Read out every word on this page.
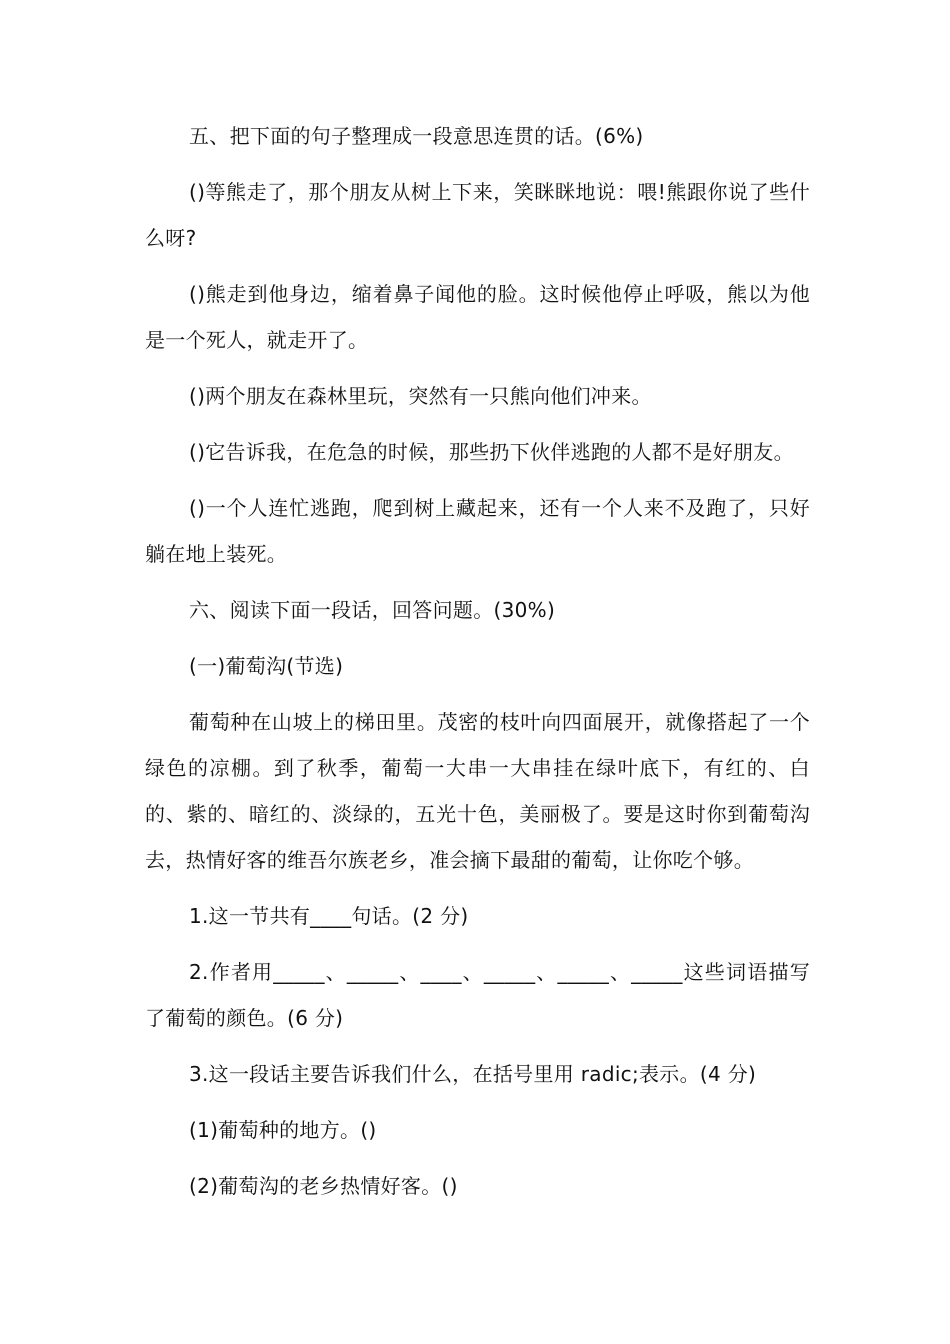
五、把下面的句子整理成一段意思连贯的话。(6%)

()等熊走了，那个朋友从树上下来，笑眯眯地说：喂!熊跟你说了些什么呀?

()熊走到他身边，缩着鼻子闻他的脸。这时候他停止呼吸，熊以为他是一个死人，就走开了。

()两个朋友在森林里玩，突然有一只熊向他们冲来。

()它告诉我，在危急的时候，那些扔下伙伴逃跑的人都不是好朋友。

()一个人连忙逃跑，爬到树上藏起来，还有一个人来不及跑了，只好躺在地上装死。

六、阅读下面一段话，回答问题。(30%)

(一)葡萄沟(节选)

葡萄种在山坡上的梯田里。茂密的枝叶向四面展开，就像搭起了一个绿色的凉棚。到了秋季，葡萄一大串一大串挂在绿叶底下，有红的、白的、紫的、暗红的、淡绿的，五光十色，美丽极了。要是这时你到葡萄沟去，热情好客的维吾尔族老乡，准会摘下最甜的葡萄，让你吃个够。

1.这一节共有____句话。(2 分)

2.作者用_____、_____、____、_____、_____、_____这些词语描写了葡萄的颜色。(6 分)

3.这一段话主要告诉我们什么，在括号里用 radic;表示。(4 分)

(1)葡萄种的地方。()

(2)葡萄沟的老乡热情好客。()
